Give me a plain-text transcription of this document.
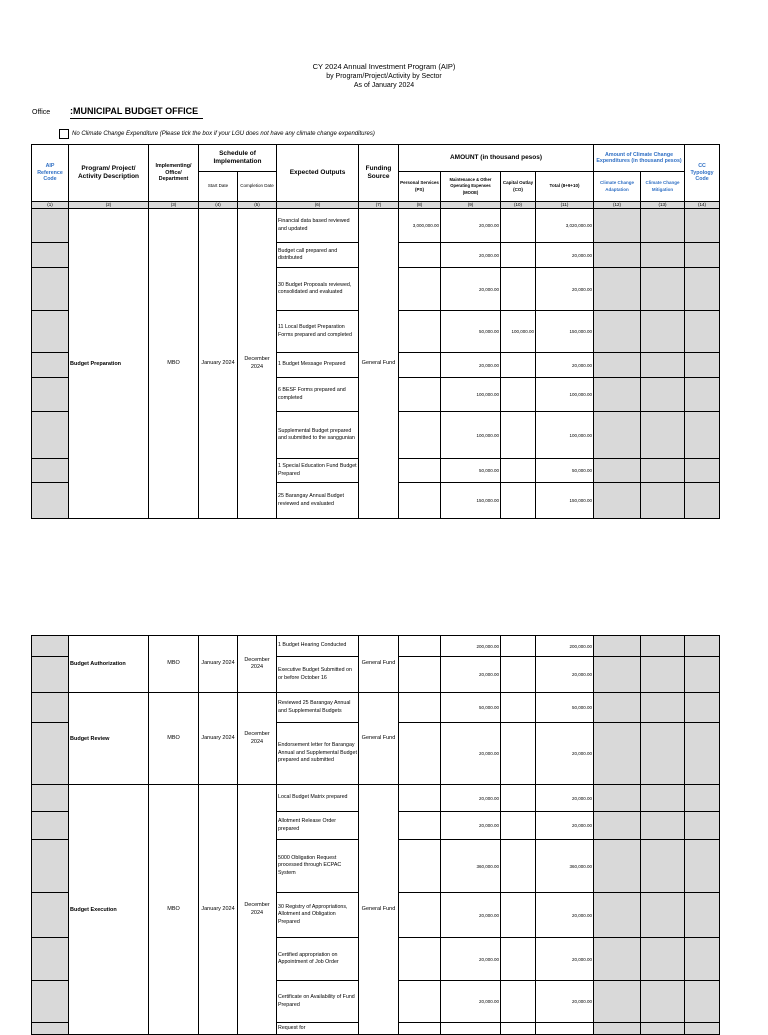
CY 2024 Annual Investment Program (AIP)
by Program/Project/Activity by Sector
As of January 2024
Office :MUNICIPAL BUDGET OFFICE
No Climate Change Expenditure (Please tick the box if your LGU does not have any climate change expenditures)
AIP Reference Code	Program/ Project/ Activity Description	Implementing/ Office/ Department	Schedule of Implementation		Expected Outputs	Funding Source	AMOUNT (in thousand pesos)				Amount of Climate Change Expenditures (in thousand pesos)		CC Typology Code
			Start Date	Completion Date			Personal Services (PS)	Maintenance & Other Operating Expenses (MOOE)	Capital Outlay (CO)	Total (8+9+10)	Climate Change Adaptation	Climate Change Mitigation	
(1)	(2)	(3)	(4)	(5)	(6)	(7)	(8)	(9)	(10)	(11)	(12)	(13)	(14)
	Budget Preparation	MBO	January 2024	December 2024	Financial data based reviewed and updated	General Fund	3,000,000.00	20,000.00		3,020,000.00			
					Budget call prepared and distributed			20,000.00		20,000.00			
					30 Budget Proposals reviewed, consolidated and evaluated			20,000.00		20,000.00			
					11 Local Budget Preparation Forms prepared and completed			50,000.00	100,000.00	150,000.00			
					1 Budget Message Prepared			20,000.00		20,000.00			
					6 BESF Forms prepared and completed			100,000.00		100,000.00			
					Supplemental Budget prepared and submitted to the sanggunian			100,000.00		100,000.00			
					1 Special Education Fund Budget Prepared			50,000.00		50,000.00			
					25 Barangay Annual Budget reviewed and evaluated			150,000.00		150,000.00			
	Budget Authorization	MBO	January 2024	December 2024	1 Budget Hearing Conducted	General Fund		200,000.00		200,000.00			
					Executive Budget Submitted on or before October 16			20,000.00		20,000.00			
	Budget Review	MBO	January 2024	December 2024	Reviewed 25 Barangay Annual and Supplemental Budgets	General Fund		50,000.00		50,000.00			
					Endorsement letter for Barangay Annual and Supplemental Budget prepared and submitted			20,000.00		20,000.00			
	Budget Execution	MBO	January 2024	December 2024	Local Budget Matrix prepared	General Fund		20,000.00		20,000.00			
					Allotment Release Order prepared			20,000.00		20,000.00			
					5000 Obligation Request processed through ECPAC System			360,000.00		360,000.00			
					30 Registry of Appropriations, Allotment and Obligation Prepared			20,000.00		20,000.00			
					Certified appropriation on Appointment of Job Order			20,000.00		20,000.00			
					Certificate on Availability of Fund Prepared			20,000.00		20,000.00			
					Request for								
